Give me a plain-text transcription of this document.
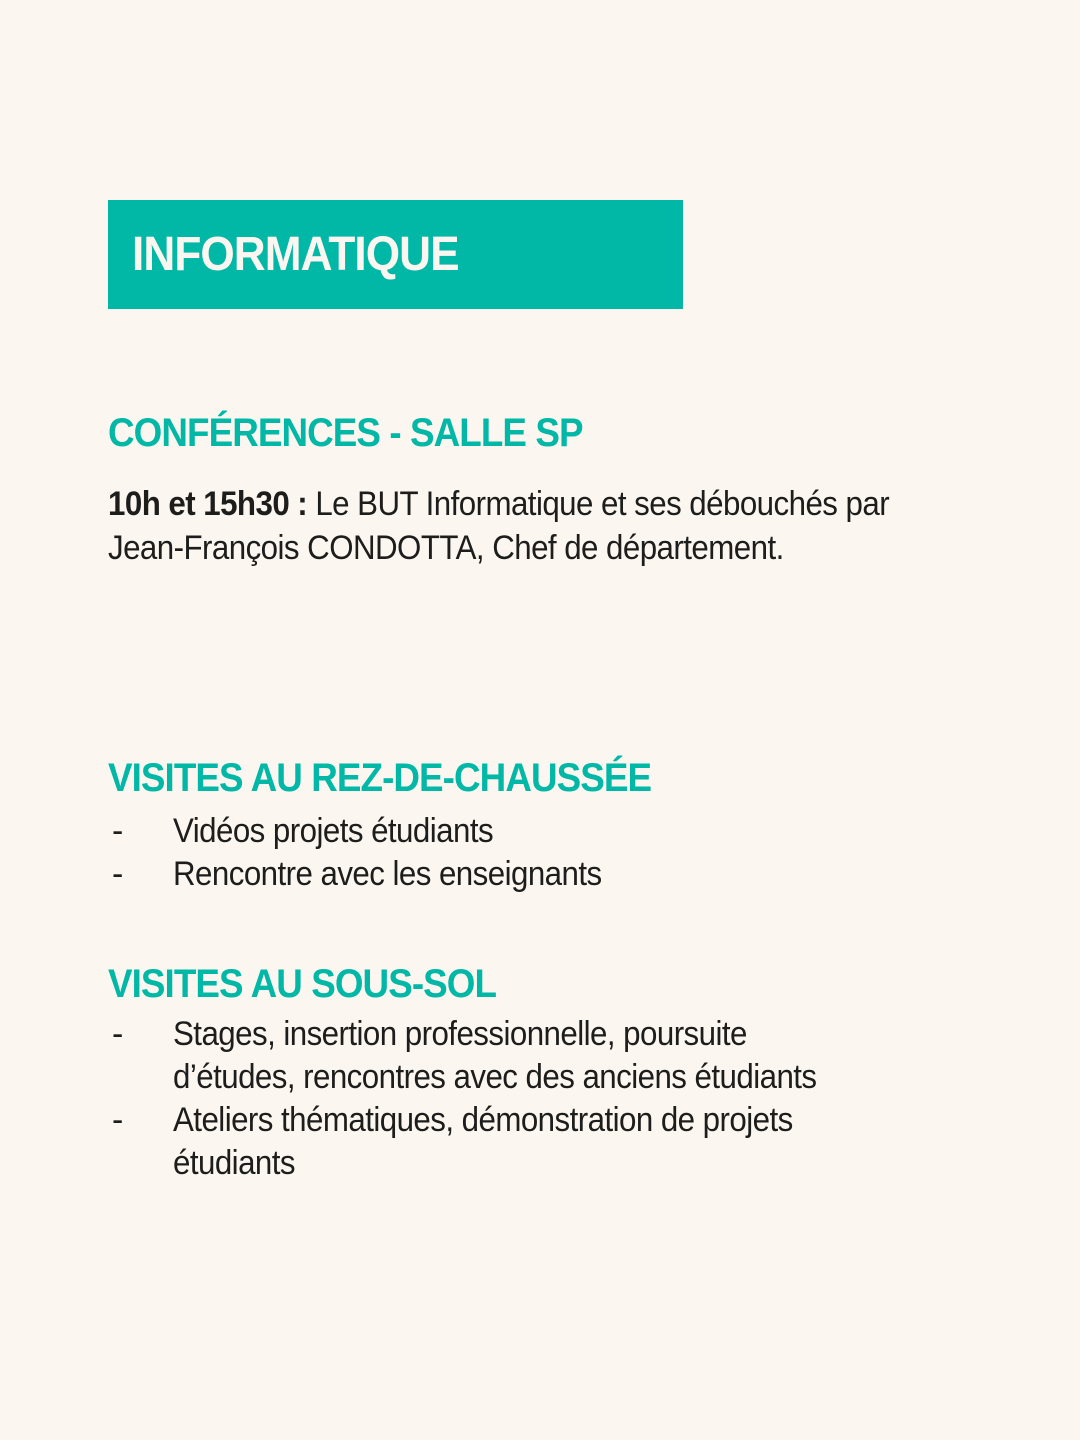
INFORMATIQUE
CONFÉRENCES - SALLE SP
10h et 15h30 : Le BUT Informatique et ses débouchés par Jean-François CONDOTTA, Chef de département.
VISITES AU REZ-DE-CHAUSSÉE
-	Vidéos projets étudiants
-	Rencontre avec les enseignants
VISITES AU SOUS-SOL
-	Stages, insertion professionnelle, poursuite d’études, rencontres avec des anciens étudiants
-	Ateliers thématiques, démonstration de projets étudiants
